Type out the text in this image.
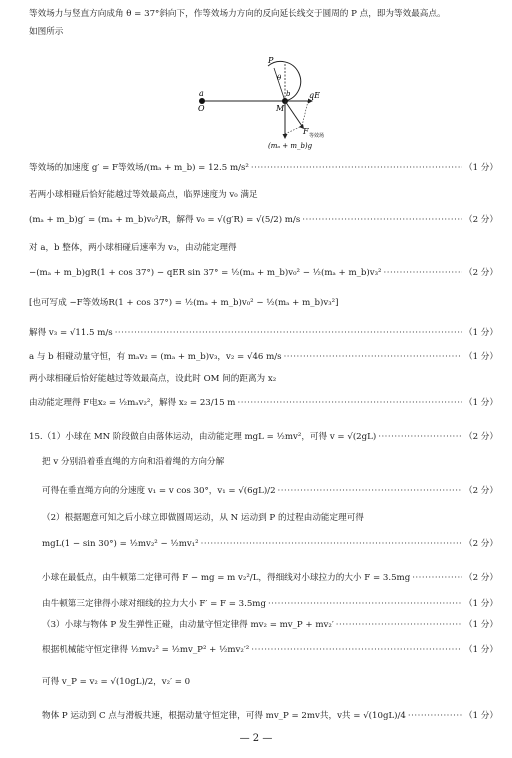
等效场力与竖直方向成角 θ = 37°斜向下，作等效场力方向的反向延长线交于圆周的 P 点，即为等效最高点。
如图所示
a
O	M
b
P
θ
qE
F 等效场
(mₐ + m_b)g
等效场的加速度 g′ = F等效场/(mₐ + m_b) = 12.5 m/s² ·····	（1 分）
若两小球相碰后恰好能越过等效最高点，临界速度为 v₀ 满足
(mₐ + m_b)g′ = (mₐ + m_b)v₀²/R，解得 v₀ = √(g′R) = √(5/2) m/s ·····	（2 分）
对 a，b 整体，两小球相碰后速率为 v₃，由动能定理得
−(mₐ + m_b)gR(1 + cos 37°) − qER sin 37° = ½(mₐ + m_b)v₀² − ½(mₐ + m_b)v₃² ·····	（2 分）
[也可写成 −F等效场R(1 + cos 37°) = ½(mₐ + m_b)v₀² − ½(mₐ + m_b)v₃²]
解得 v₃ = √11.5 m/s ·····	（1 分）
a 与 b 相碰动量守恒，有 mₐv₂ = (mₐ + m_b)v₃，v₂ = √46 m/s ·····	（1 分）
两小球相碰后恰好能越过等效最高点，设此时 OM 间的距离为 x₂
由动能定理得 F电x₂ = ½mₐv₂²，解得 x₂ = 23/15 m ·····	（1 分）
15.（1）小球在 MN 阶段做自由落体运动，由动能定理 mgL = ½mv²，可得 v = √(2gL) ·····	（2 分）
把 v 分别沿着垂直绳的方向和沿着绳的方向分解
可得在垂直绳方向的分速度 v₁ = v cos 30°，v₁ = √(6gL)/2 ·····	（2 分）
（2）根据题意可知之后小球立即做圆周运动，从 N 运动到 P 的过程由动能定理可得
mgL(1 − sin 30°) = ½mv₂² − ½mv₁² ·····	（2 分）
小球在最低点，由牛顿第二定律可得 F − mg = m v₂²/L，得细线对小球拉力的大小 F = 3.5mg ·····	（2 分）
由牛顿第三定律得小球对细线的拉力大小 F′ = F = 3.5mg ·····	（1 分）
（3）小球与物体 P 发生弹性正碰，由动量守恒定律得 mv₂ = mv_P + mv₂′ ·····	（1 分）
根据机械能守恒定律得 ½mv₂² = ½mv_P² + ½mv₂′² ·····	（1 分）
可得 v_P = v₂ = √(10gL)/2，v₂′ = 0
物体 P 运动到 C 点与滑板共速，根据动量守恒定律，可得 mv_P = 2mv共，v共 = √(10gL)/4 ·····	（1 分）
— 2 —
